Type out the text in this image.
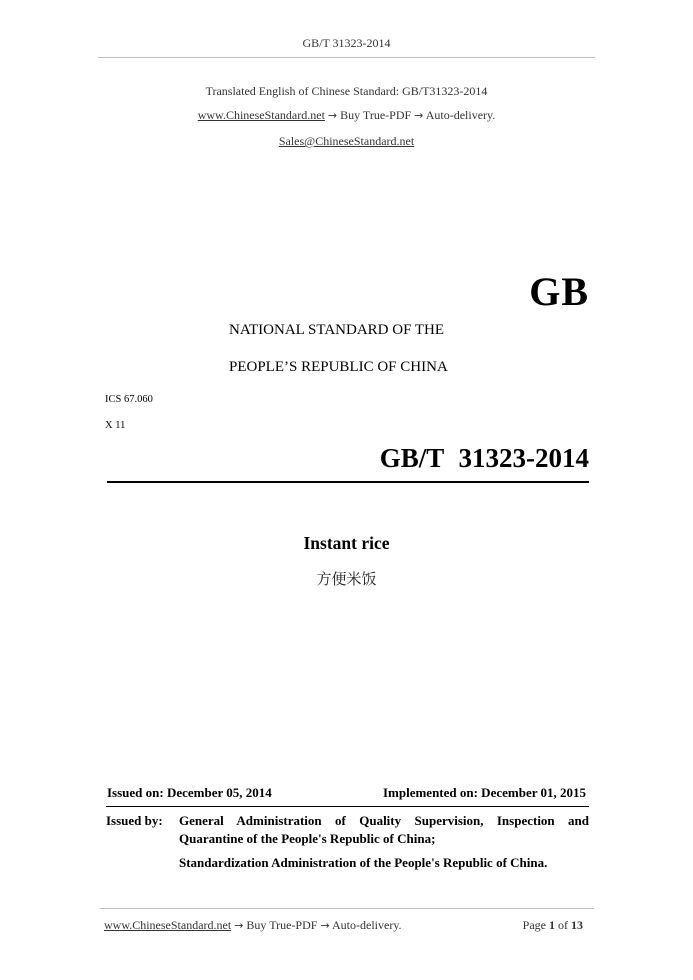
GB/T 31323-2014
Translated English of Chinese Standard: GB/T31323-2014
www.ChineseStandard.net → Buy True-PDF → Auto-delivery.
Sales@ChineseStandard.net
GB
NATIONAL STANDARD OF THE
PEOPLE’S REPUBLIC OF CHINA
ICS 67.060
X 11
GB/T 31323-2014
Instant rice
方便米饭
Issued on: December 05, 2014	Implemented on: December 01, 2015
Issued by:	General Administration of Quality Supervision, Inspection and
Quarantine of the People's Republic of China;
Standardization Administration of the People's Republic of China.
www.ChineseStandard.net → Buy True-PDF → Auto-delivery.	Page 1 of 13
